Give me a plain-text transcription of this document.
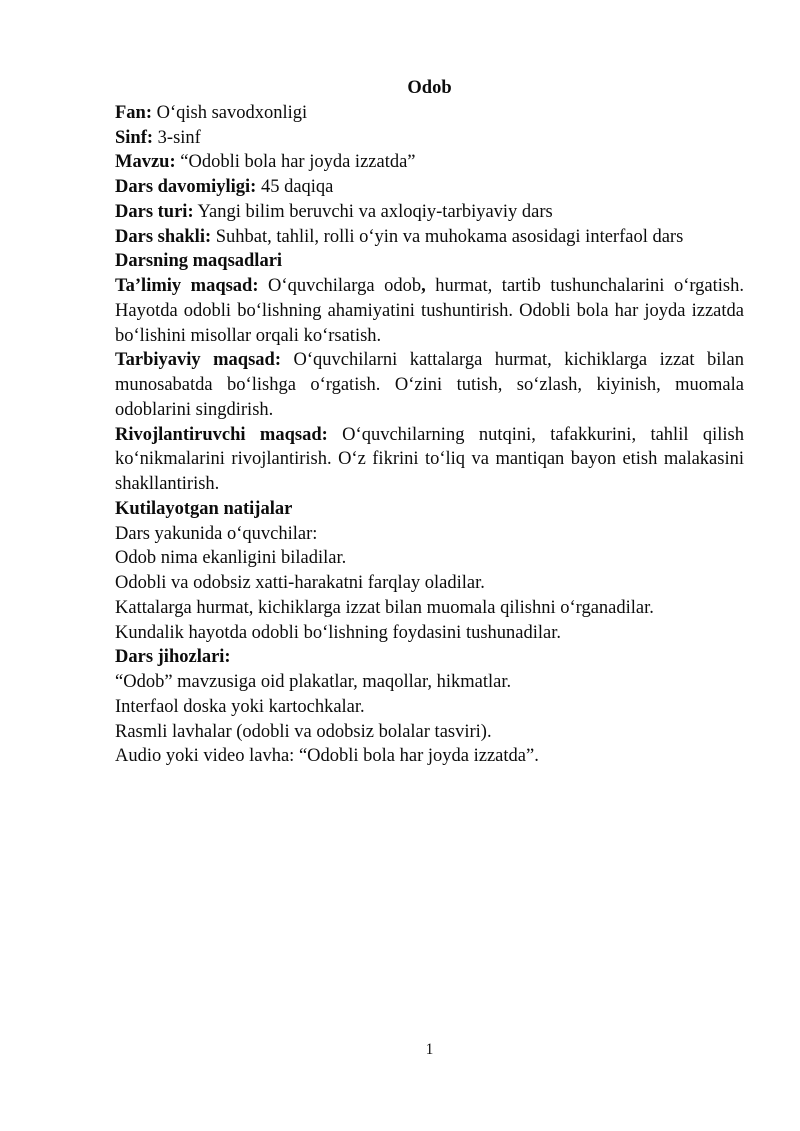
Odob

Fan: Oʻqish savodxonligi

Sinf: 3-sinf

Mavzu: “Odobli bola har joyda izzatda”

Dars davomiyligi: 45 daqiqa

Dars turi: Yangi bilim beruvchi va axloqiy-tarbiyaviy dars

Dars shakli: Suhbat, tahlil, rolli oʻyin va muhokama asosidagi interfaol dars

Darsning maqsadlari

Ta’limiy maqsad: Oʻquvchilarga odob, hurmat, tartib tushunchalarini oʻrgatish. Hayotda odobli boʻlishning ahamiyatini tushuntirish. Odobli bola har joyda izzatda boʻlishini misollar orqali koʻrsatish.

Tarbiyaviy maqsad: Oʻquvchilarni kattalarga hurmat, kichiklarga izzat bilan munosabatda boʻlishga oʻrgatish. Oʻzini tutish, soʻzlash, kiyinish, muomala odoblarini singdirish.

Rivojlantiruvchi maqsad: Oʻquvchilarning nutqini, tafakkurini, tahlil qilish koʻnikmalarini rivojlantirish. Oʻz fikrini toʻliq va mantiqan bayon etish malakasini shakllantirish.

Kutilayotgan natijalar

Dars yakunida oʻquvchilar:

Odob nima ekanligini biladilar.

Odobli va odobsiz xatti-harakatni farqlay oladilar.

Kattalarga hurmat, kichiklarga izzat bilan muomala qilishni oʻrganadilar.

Kundalik hayotda odobli boʻlishning foydasini tushunadilar.

Dars jihozlari:

“Odob” mavzusiga oid plakatlar, maqollar, hikmatlar.

Interfaol doska yoki kartochkalar.

Rasmli lavhalar (odobli va odobsiz bolalar tasviri).

Audio yoki video lavha: “Odobli bola har joyda izzatda”.

1
